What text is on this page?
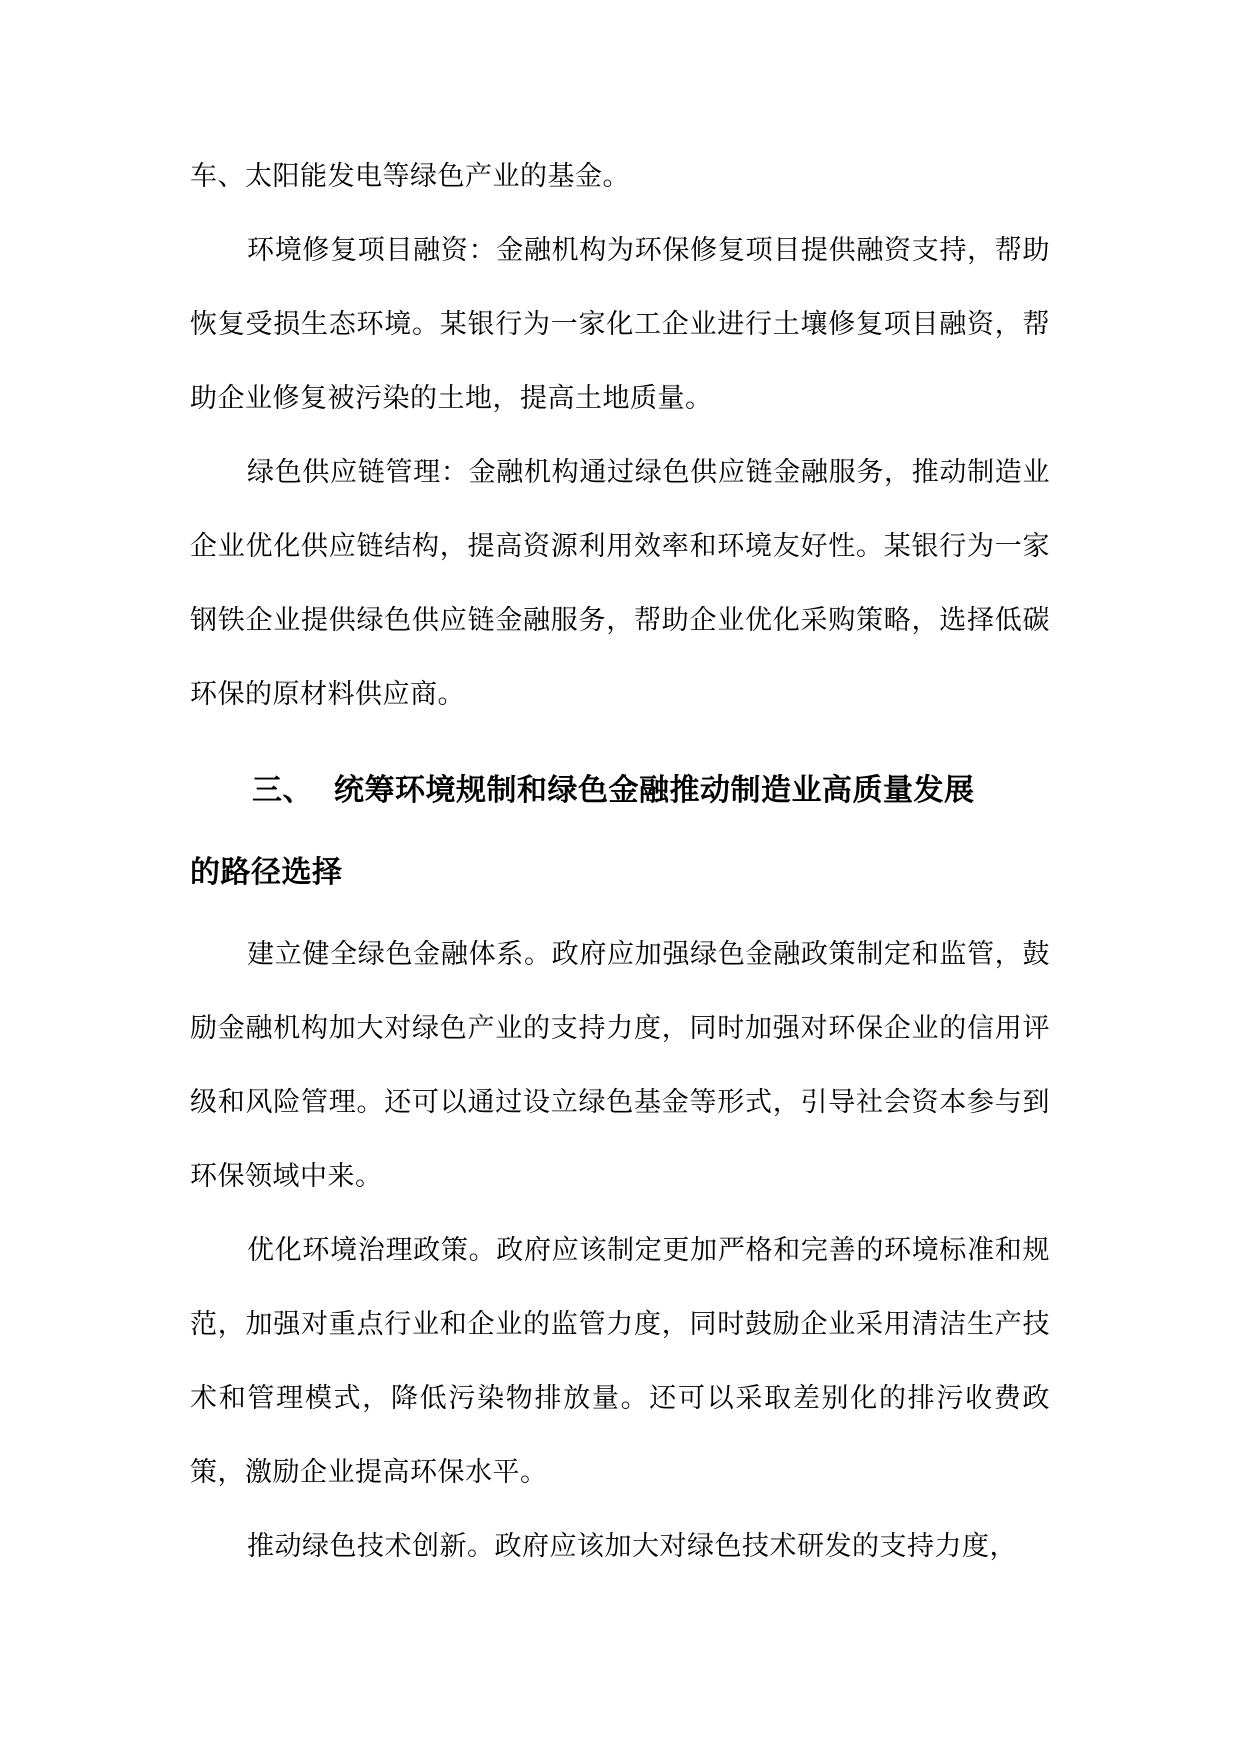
车、太阳能发电等绿色产业的基金。

环境修复项目融资：金融机构为环保修复项目提供融资支持，帮助恢复受损生态环境。某银行为一家化工企业进行土壤修复项目融资，帮助企业修复被污染的土地，提高土地质量。

绿色供应链管理：金融机构通过绿色供应链金融服务，推动制造业企业优化供应链结构，提高资源利用效率和环境友好性。某银行为一家钢铁企业提供绿色供应链金融服务，帮助企业优化采购策略，选择低碳环保的原材料供应商。

三、 统筹环境规制和绿色金融推动制造业高质量发展

的路径选择

建立健全绿色金融体系。政府应加强绿色金融政策制定和监管，鼓励金融机构加大对绿色产业的支持力度，同时加强对环保企业的信用评级和风险管理。还可以通过设立绿色基金等形式，引导社会资本参与到环保领域中来。

优化环境治理政策。政府应该制定更加严格和完善的环境标准和规范，加强对重点行业和企业的监管力度，同时鼓励企业采用清洁生产技术和管理模式，降低污染物排放量。还可以采取差别化的排污收费政策，激励企业提高环保水平。

推动绿色技术创新。政府应该加大对绿色技术研发的支持力度，
